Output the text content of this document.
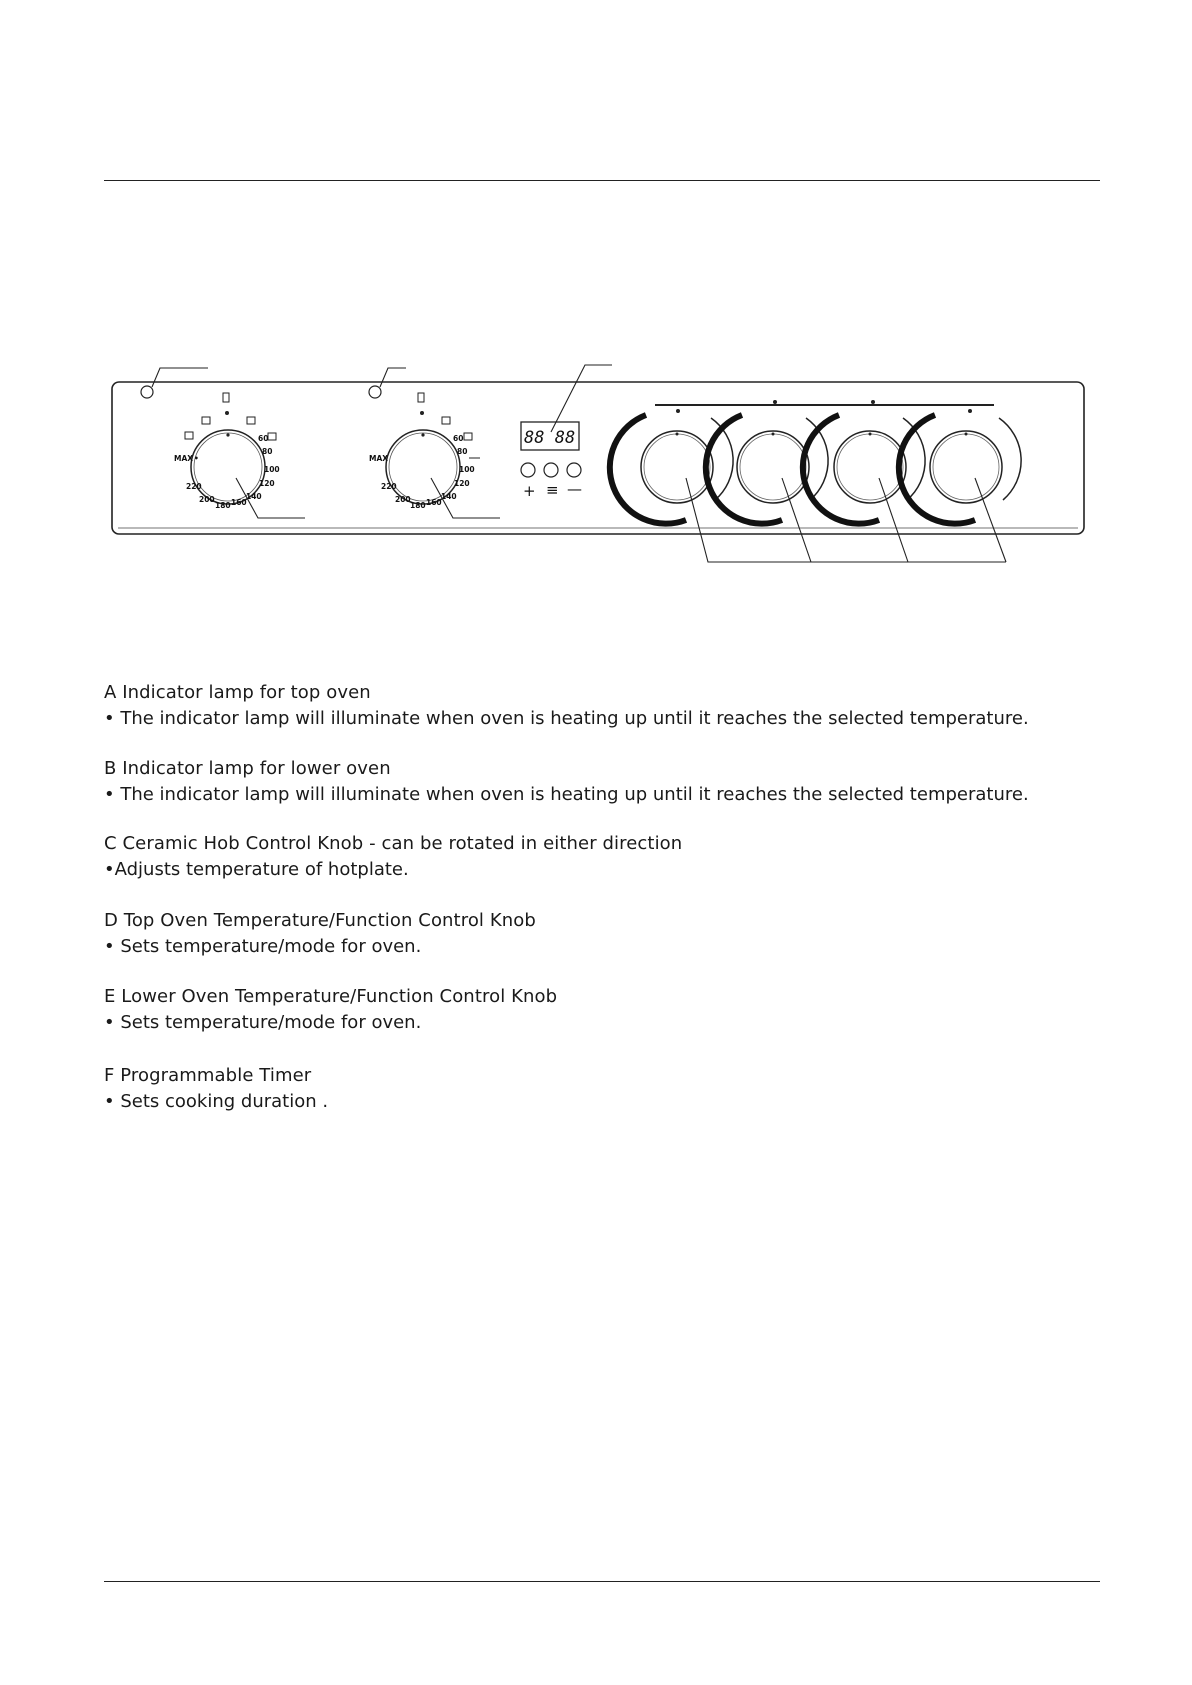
60
80
100
120
140
160
180
200
220
MAX •
60
80
100
120
140
160
180
200
220
MAX
88 88
+ ≡ —

A Indicator lamp for top oven

• The indicator lamp will illuminate when oven is heating up until it reaches the selected temperature.

B Indicator lamp for lower oven

• The indicator lamp will illuminate when oven is heating up until it reaches the selected temperature.

C Ceramic Hob Control Knob - can be rotated in either direction

•Adjusts temperature of hotplate.

D Top Oven Temperature/Function Control Knob

• Sets temperature/mode for oven.

E Lower Oven Temperature/Function Control Knob

• Sets temperature/mode for oven.

F Programmable Timer

• Sets cooking duration .
